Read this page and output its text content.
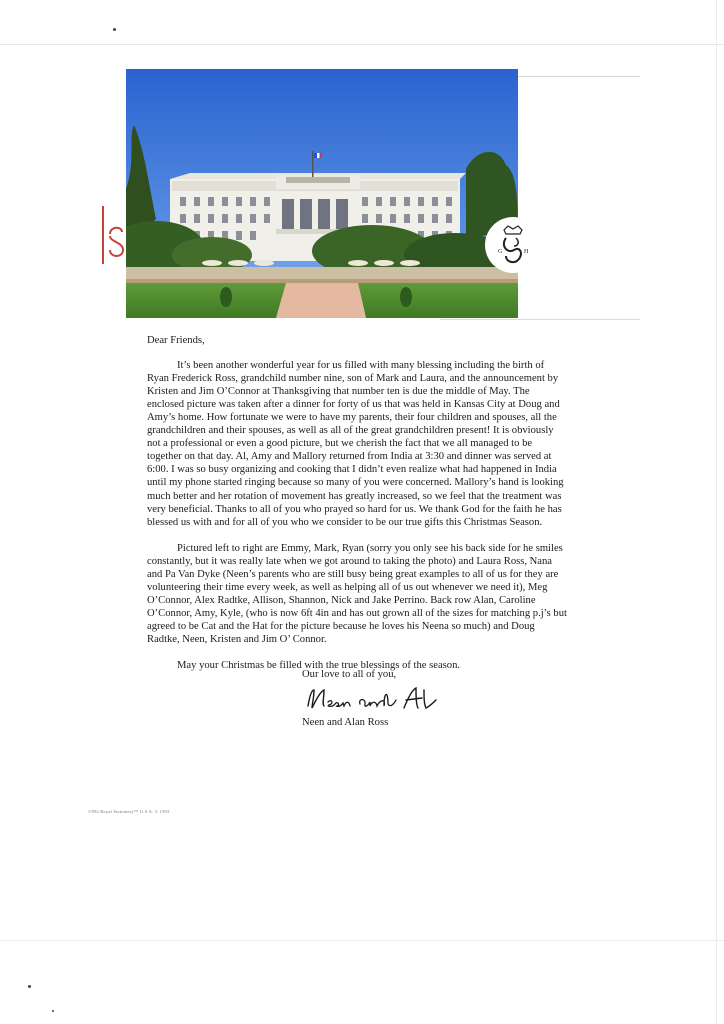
G	H

Dear Friends,

It’s been another wonderful year for us filled with many blessing including the birth of Ryan Frederick Ross, grandchild number nine, son of Mark and Laura, and the announcement by Kristen and Jim O’Connor at Thanksgiving that number ten is due the middle of May. The enclosed picture was taken after a dinner for forty of us that was held in Kansas City at Doug and Amy’s home. How fortunate we were to have my parents, their four children and spouses, all the grandchildren and their spouses, as well as all of the great grandchildren present! It is obviously not a professional or even a good picture, but we cherish the fact that we all managed to be together on that day. Al, Amy and Mallory returned from India at 3:30 and dinner was served at 6:00. I was so busy organizing and cooking that I didn’t even realize what had happened in India until my phone started ringing because so many of you were concerned. Mallory’s hand is looking much better and her rotation of movement has greatly increased, so we feel that the treatment was very beneficial. Thanks to all of you who prayed so hard for us. We thank God for the faith he has blessed us with and for all of you who we consider to be our true gifts this Christmas Season.

Pictured left to right are Emmy, Mark, Ryan (sorry you only see his back side for he smiles constantly, but it was really late when we got around to taking the photo) and Laura Ross, Nana and Pa Van Dyke (Neen’s parents who are still busy being great examples to all of us for they are volunteering their time every week, as well as helping all of us out whenever we need it), Meg O’Connor, Alex Radtke, Allison, Shannon, Nick and Jake Perrino. Back row Alan, Caroline O’Connor, Amy, Kyle, (who is now 6ft 4in and has out grown all of the sizes for matching p.j’s but agreed to be Cat and the Hat for the picture because he loves his Neena so much) and Doug Radtke, Neen, Kristen and Jim O’ Connor.

May your Christmas be filled with the true blessings of the season.

Our love to all of you,
Neen and Alan Ross
©992 Royal Stationery™ U.S.A. © 1993
